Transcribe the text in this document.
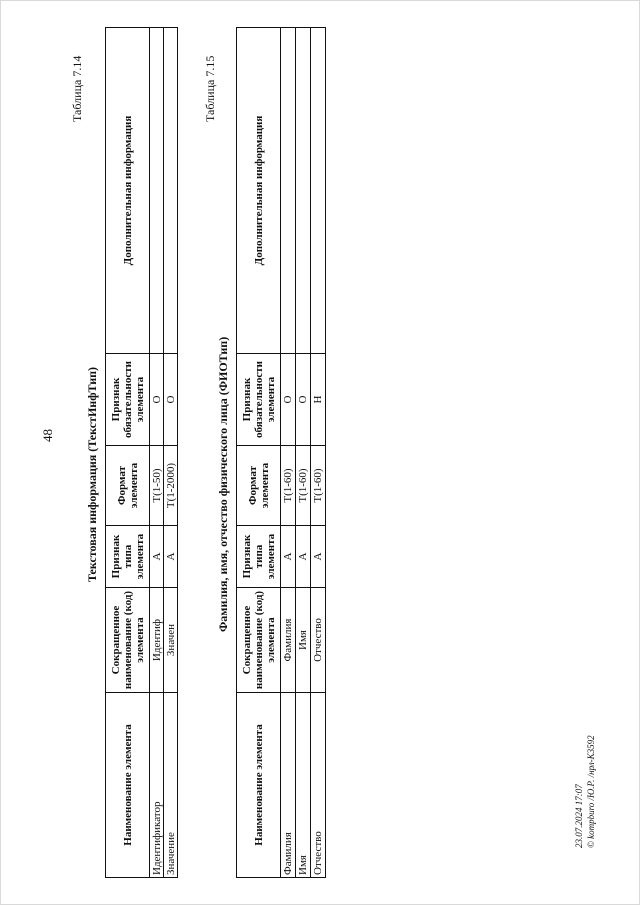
48
Таблица 7.14
Текстовая информация (ТекстИнфТип)
Наименование элемента	Сокращенное наименование (код) элемента	Признак типа элемента	Формат элемента	Признак обязательности элемента	Дополнительная информация
Идентификатор	Идентиф	А	Т(1-50)	О	
Значение	Значен	А	Т(1-2000)	О	
Таблица 7.15
Фамилия, имя, отчество физического лица (ФИОТип)
Наименование элемента	Сокращенное наименование (код) элемента	Признак типа элемента	Формат элемента	Признак обязательности элемента	Дополнительная информация
Фамилия	Фамилия	А	Т(1-60)	О	
Имя	Имя	А	Т(1-60)	О	
Отчество	Отчество	А	Т(1-60)	Н	
23.07.2024 17:07 © kompburo /Ю.Р. /нрл-К3592
